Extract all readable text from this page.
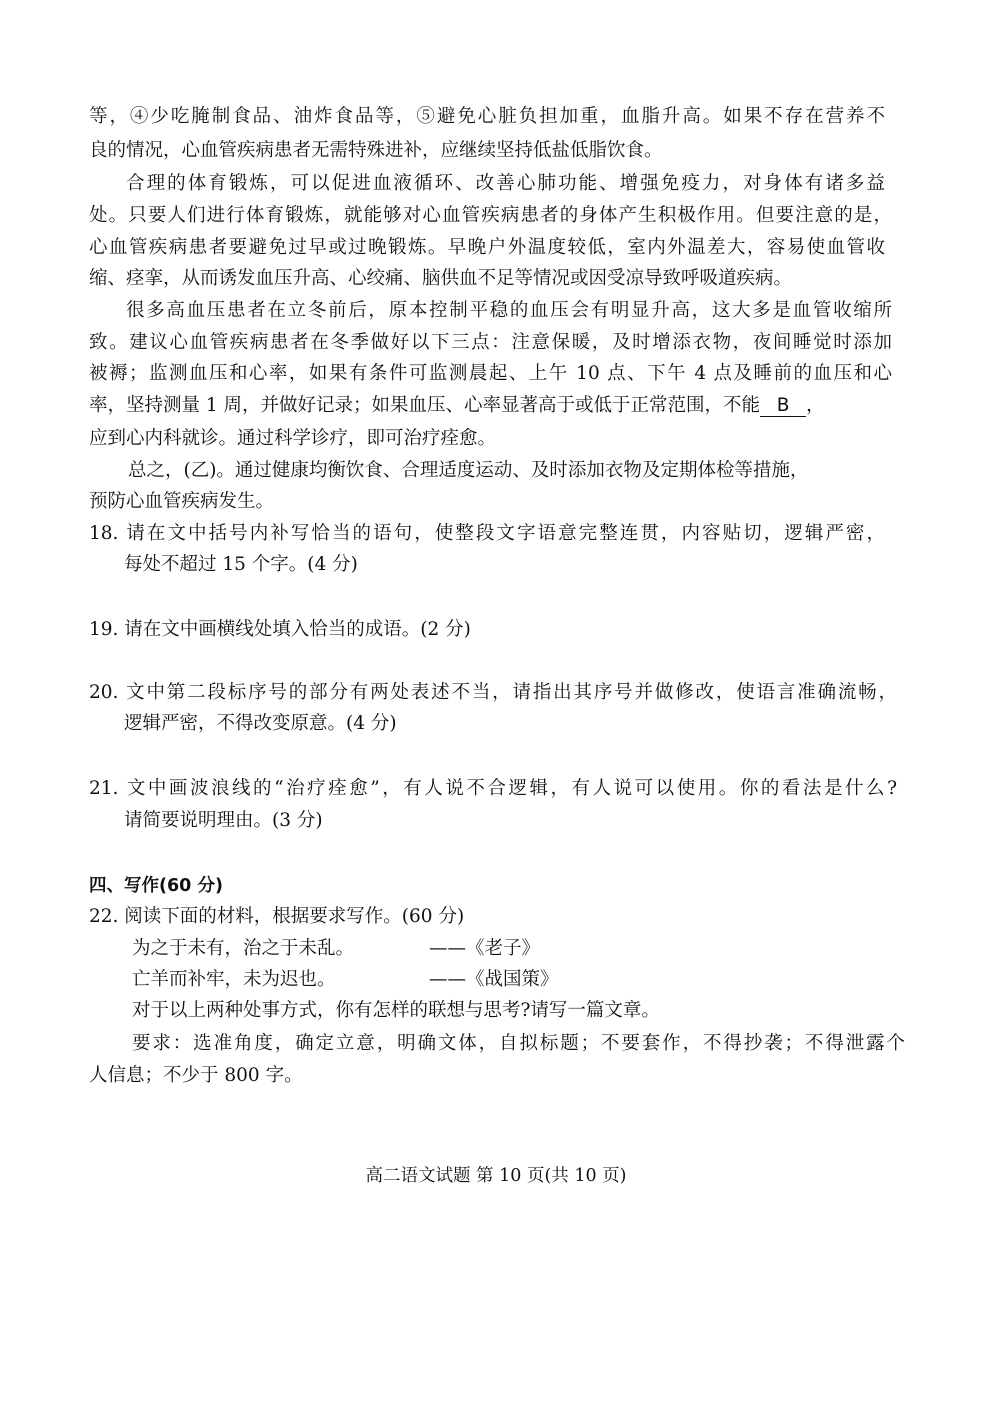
等，④少吃腌制食品、油炸食品等，⑤避免心脏负担加重，血脂升高。如果不存在营养不
良的情况，心血管疾病患者无需特殊进补，应继续坚持低盐低脂饮食。
合理的体育锻炼，可以促进血液循环、改善心肺功能、增强免疫力，对身体有诸多益
处。只要人们进行体育锻炼，就能够对心血管疾病患者的身体产生积极作用。但要注意的是，
心血管疾病患者要避免过早或过晚锻炼。早晚户外温度较低，室内外温差大，容易使血管收
缩、痉挛，从而诱发血压升高、心绞痛、脑供血不足等情况或因受凉导致呼吸道疾病。
很多高血压患者在立冬前后，原本控制平稳的血压会有明显升高，这大多是血管收缩所
致。建议心血管疾病患者在冬季做好以下三点：注意保暖，及时增添衣物，夜间睡觉时添加
被褥；监测血压和心率，如果有条件可监测晨起、上午 10 点、下午 4 点及睡前的血压和心
率，坚持测量 1 周，并做好记录；如果血压、心率显著高于或低于正常范围，不能 B ，
应到心内科就诊。通过科学诊疗，即可治疗痊愈。
总之，(乙)。通过健康均衡饮食、合理适度运动、及时添加衣物及定期体检等措施，
预防心血管疾病发生。
18. 请在文中括号内补写恰当的语句，使整段文字语意完整连贯，内容贴切，逻辑严密，
每处不超过 15 个字。(4 分)
19. 请在文中画横线处填入恰当的成语。(2 分)
20. 文中第二段标序号的部分有两处表述不当，请指出其序号并做修改，使语言准确流畅，
逻辑严密，不得改变原意。(4 分)
21. 文中画波浪线的“治疗痊愈”，有人说不合逻辑，有人说可以使用。你的看法是什么?
请简要说明理由。(3 分)
四、写作(60 分)
22. 阅读下面的材料，根据要求写作。(60 分)
为之于未有，治之于未乱。	——《老子》
亡羊而补牢，未为迟也。	——《战国策》
对于以上两种处事方式，你有怎样的联想与思考?请写一篇文章。
要求：选准角度，确定立意，明确文体，自拟标题；不要套作，不得抄袭；不得泄露个
人信息；不少于 800 字。
高二语文试题 第 10 页(共 10 页)
